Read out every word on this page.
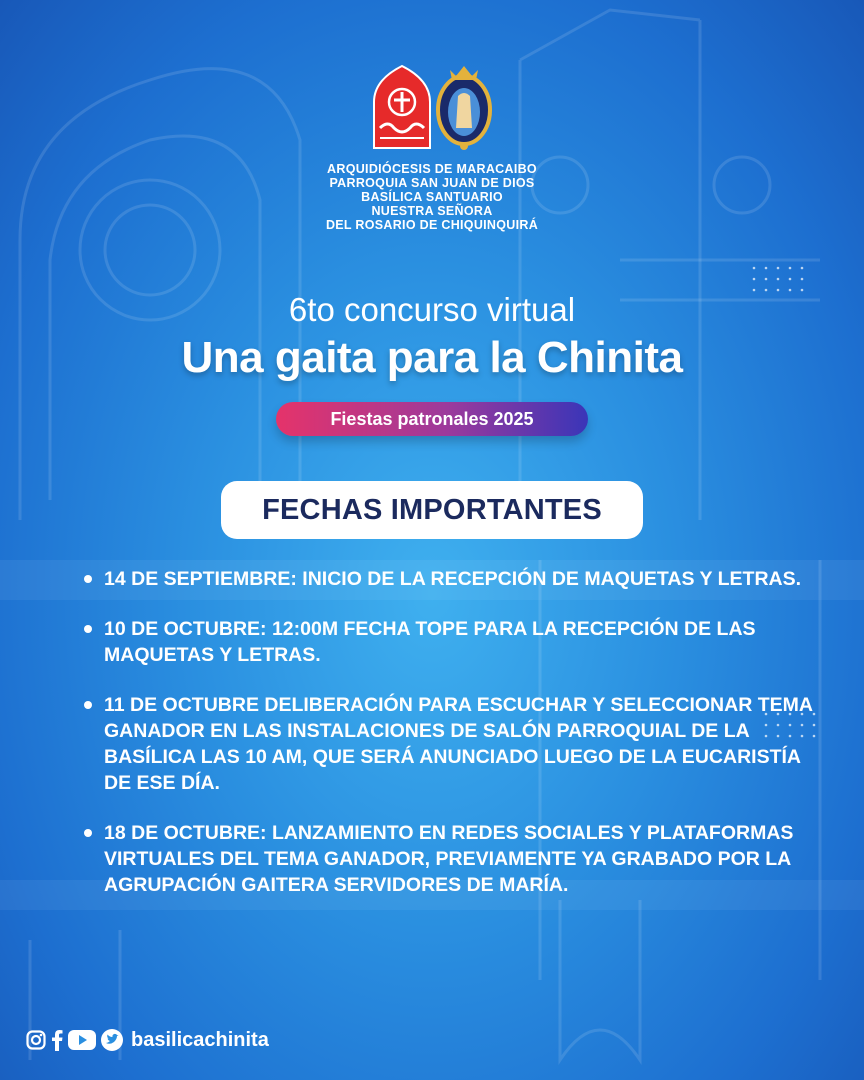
ARQUIDIÓCESIS DE MARACAIBO
PARROQUIA SAN JUAN DE DIOS
BASÍLICA SANTUARIO
NUESTRA SEÑORA
DEL ROSARIO DE CHIQUINQUIRÁ
6to concurso virtual
Una gaita para la Chinita
Fiestas patronales 2025
FECHAS IMPORTANTES
14 DE SEPTIEMBRE: INICIO DE LA RECEPCIÓN DE MAQUETAS Y LETRAS.
10 DE OCTUBRE: 12:00M FECHA TOPE PARA LA RECEPCIÓN DE LAS MAQUETAS Y LETRAS.
11 DE OCTUBRE DELIBERACIÓN PARA ESCUCHAR Y SELECCIONAR TEMA GANADOR EN LAS INSTALACIONES DE SALÓN PARROQUIAL DE LA BASÍLICA LAS 10 AM, QUE SERÁ ANUNCIADO LUEGO DE LA EUCARISTÍA DE ESE DÍA.
18 DE OCTUBRE: LANZAMIENTO EN REDES SOCIALES Y PLATAFORMAS VIRTUALES DEL TEMA GANADOR, PREVIAMENTE YA GRABADO POR LA AGRUPACIÓN GAITERA SERVIDORES DE MARÍA.
basilicachinita
